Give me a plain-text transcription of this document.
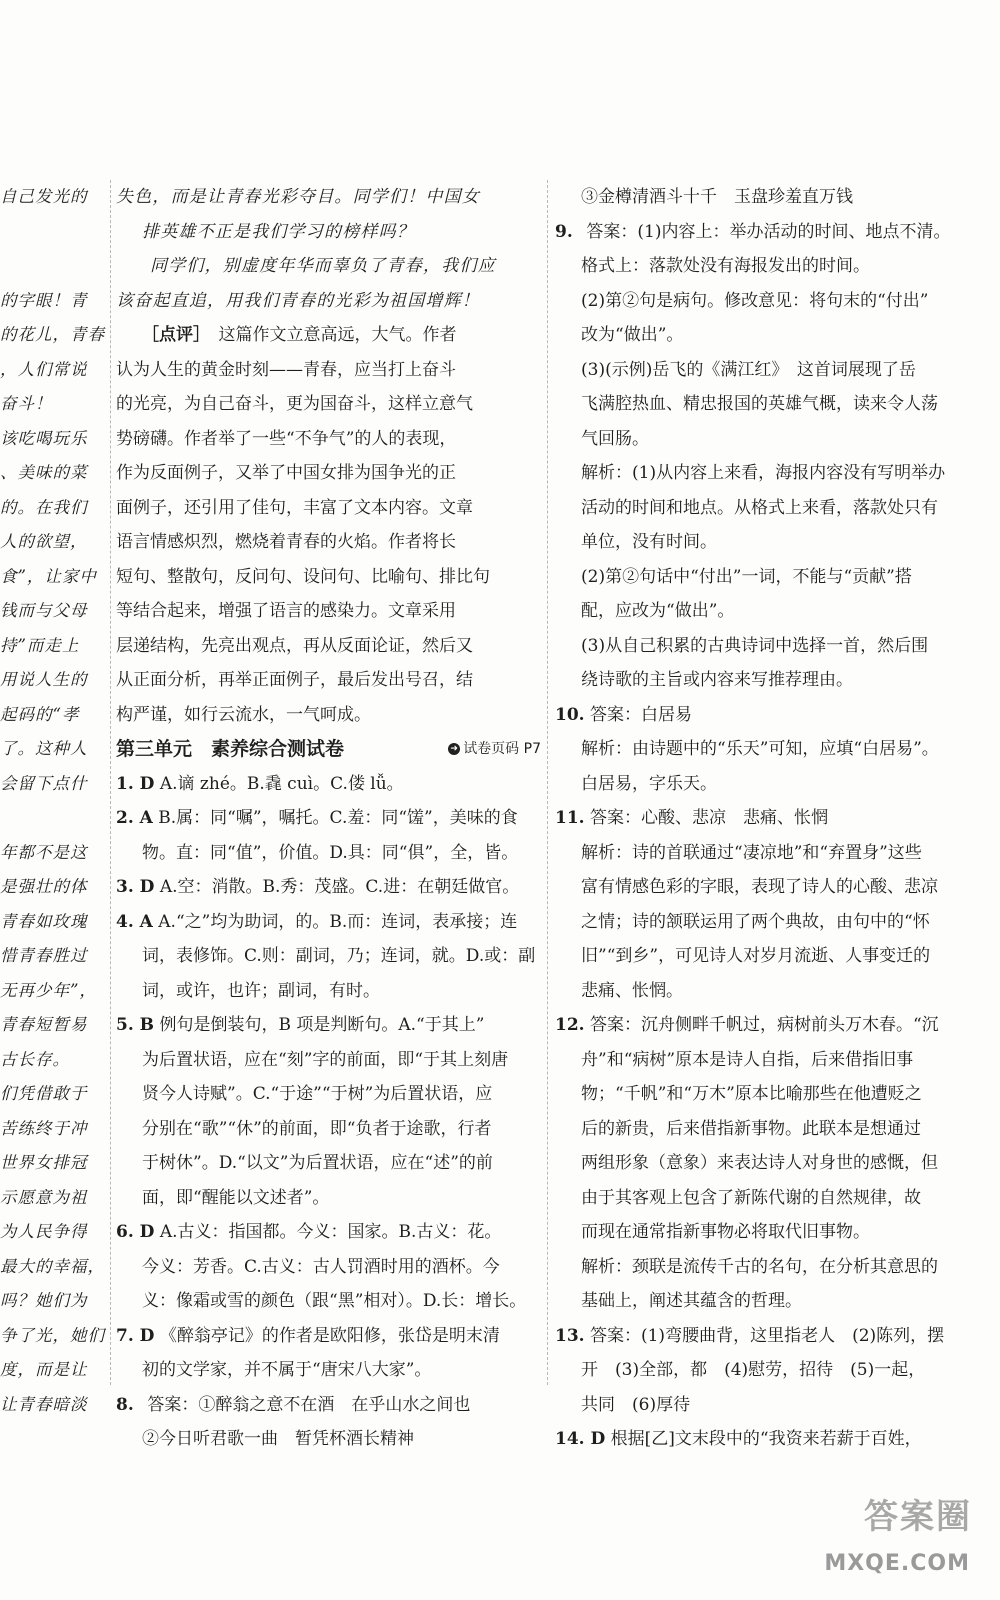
自己发光的
的字眼！青
的花儿，青春
，人们常说
奋斗！
该吃喝玩乐
、美味的菜
的。在我们
人的欲望，
食”，让家中
钱而与父母
持”而走上
用说人生的
起码的“孝
了。这种人
会留下点什
年都不是这
是强壮的体
青春如玫瑰
惜青春胜过
无再少年”，
青春短暂易
古长存。
们凭借敢于
苦练终于冲
世界女排冠
示愿意为祖
为人民争得
最大的幸福，
吗？她们为
争了光，她们
度，而是让
让青春暗淡
失色，而是让青春光彩夺目。同学们！中国女
排英雄不正是我们学习的榜样吗？
同学们，别虚度年华而辜负了青春，我们应
该奋起直追，用我们青春的光彩为祖国增辉！
［点评］　 这篇作文立意高远，大气。作者
认为人生的黄金时刻——青春，应当打上奋斗
的光亮，为自己奋斗，更为国奋斗，这样立意气
势磅礴。作者举了一些“不争气”的人的表现，
作为反面例子，又举了中国女排为国争光的正
面例子，还引用了佳句，丰富了文本内容。文章
语言情感炽烈，燃烧着青春的火焰。作者将长
短句、整散句，反问句、设问句、比喻句、排比句
等结合起来，增强了语言的感染力。文章采用
层递结构，先亮出观点，再从反面论证，然后又
从正面分析，再举正面例子，最后发出号召，结
构严谨，如行云流水，一气呵成。
第三单元　素养综合测试卷	➜ 试卷页码 P7
1. D A.谪 zhé。B.毳 cuì。C.偻 lǚ。
2. A B.属：同“嘱”，嘱托。C.羞：同“馐”，美味的食
物。直：同“值”，价值。D.具：同“俱”，全，皆。
3. D A.空：消散。B.秀：茂盛。C.进：在朝廷做官。
4. A A.“之”均为助词，的。B.而：连词，表承接；连
词，表修饰。C.则：副词，乃；连词，就。D.或：副
词，或许，也许；副词，有时。
5. B 例句是倒装句，B 项是判断句。A.“于其上”
为后置状语，应在“刻”字的前面，即“于其上刻唐
贤今人诗赋”。C.“于途”“于树”为后置状语，应
分别在“歌”“休”的前面，即“负者于途歌，行者
于树休”。D.“以文”为后置状语，应在“述”的前
面，即“醒能以文述者”。
6. D A.古义：指国都。今义：国家。B.古义：花。
今义：芳香。C.古义：古人罚酒时用的酒杯。今
义：像霜或雪的颜色（跟“黑”相对）。D.长：增长。
7. D 《醉翁亭记》的作者是欧阳修，张岱是明末清
初的文学家，并不属于“唐宋八大家”。
8. 答案：①醉翁之意不在酒　在乎山水之间也
②今日听君歌一曲　暂凭杯酒长精神
③金樽清酒斗十千　玉盘珍羞直万钱
9. 答案：(1)内容上：举办活动的时间、地点不清。
格式上：落款处没有海报发出的时间。
(2)第②句是病句。修改意见：将句末的“付出”
改为“做出”。
(3)(示例)岳飞的《满江红》　这首词展现了岳
飞满腔热血、精忠报国的英雄气概，读来令人荡
气回肠。
解析：(1)从内容上来看，海报内容没有写明举办
活动的时间和地点。从格式上来看，落款处只有
单位，没有时间。
(2)第②句话中“付出”一词，不能与“贡献”搭
配，应改为“做出”。
(3)从自己积累的古典诗词中选择一首，然后围
绕诗歌的主旨或内容来写推荐理由。
10. 答案：白居易
解析：由诗题中的“乐天”可知，应填“白居易”。
白居易，字乐天。
11. 答案：心酸、悲凉　悲痛、怅惘
解析：诗的首联通过“凄凉地”和“弃置身”这些
富有情感色彩的字眼，表现了诗人的心酸、悲凉
之情；诗的颔联运用了两个典故，由句中的“怀
旧”“到乡”，可见诗人对岁月流逝、人事变迁的
悲痛、怅惘。
12. 答案：沉舟侧畔千帆过，病树前头万木春。“沉
舟”和“病树”原本是诗人自指，后来借指旧事
物；“千帆”和“万木”原本比喻那些在他遭贬之
后的新贵，后来借指新事物。此联本是想通过
两组形象（意象）来表达诗人对身世的感慨，但
由于其客观上包含了新陈代谢的自然规律，故
而现在通常指新事物必将取代旧事物。
解析：颈联是流传千古的名句，在分析其意思的
基础上，阐述其蕴含的哲理。
13. 答案：(1)弯腰曲背，这里指老人　(2)陈列，摆
开　(3)全部，都　(4)慰劳，招待　(5)一起，
共同　(6)厚待
14. D 根据[乙]文末段中的“我资来若薪于百姓，
答案圈
MXQE.COM
